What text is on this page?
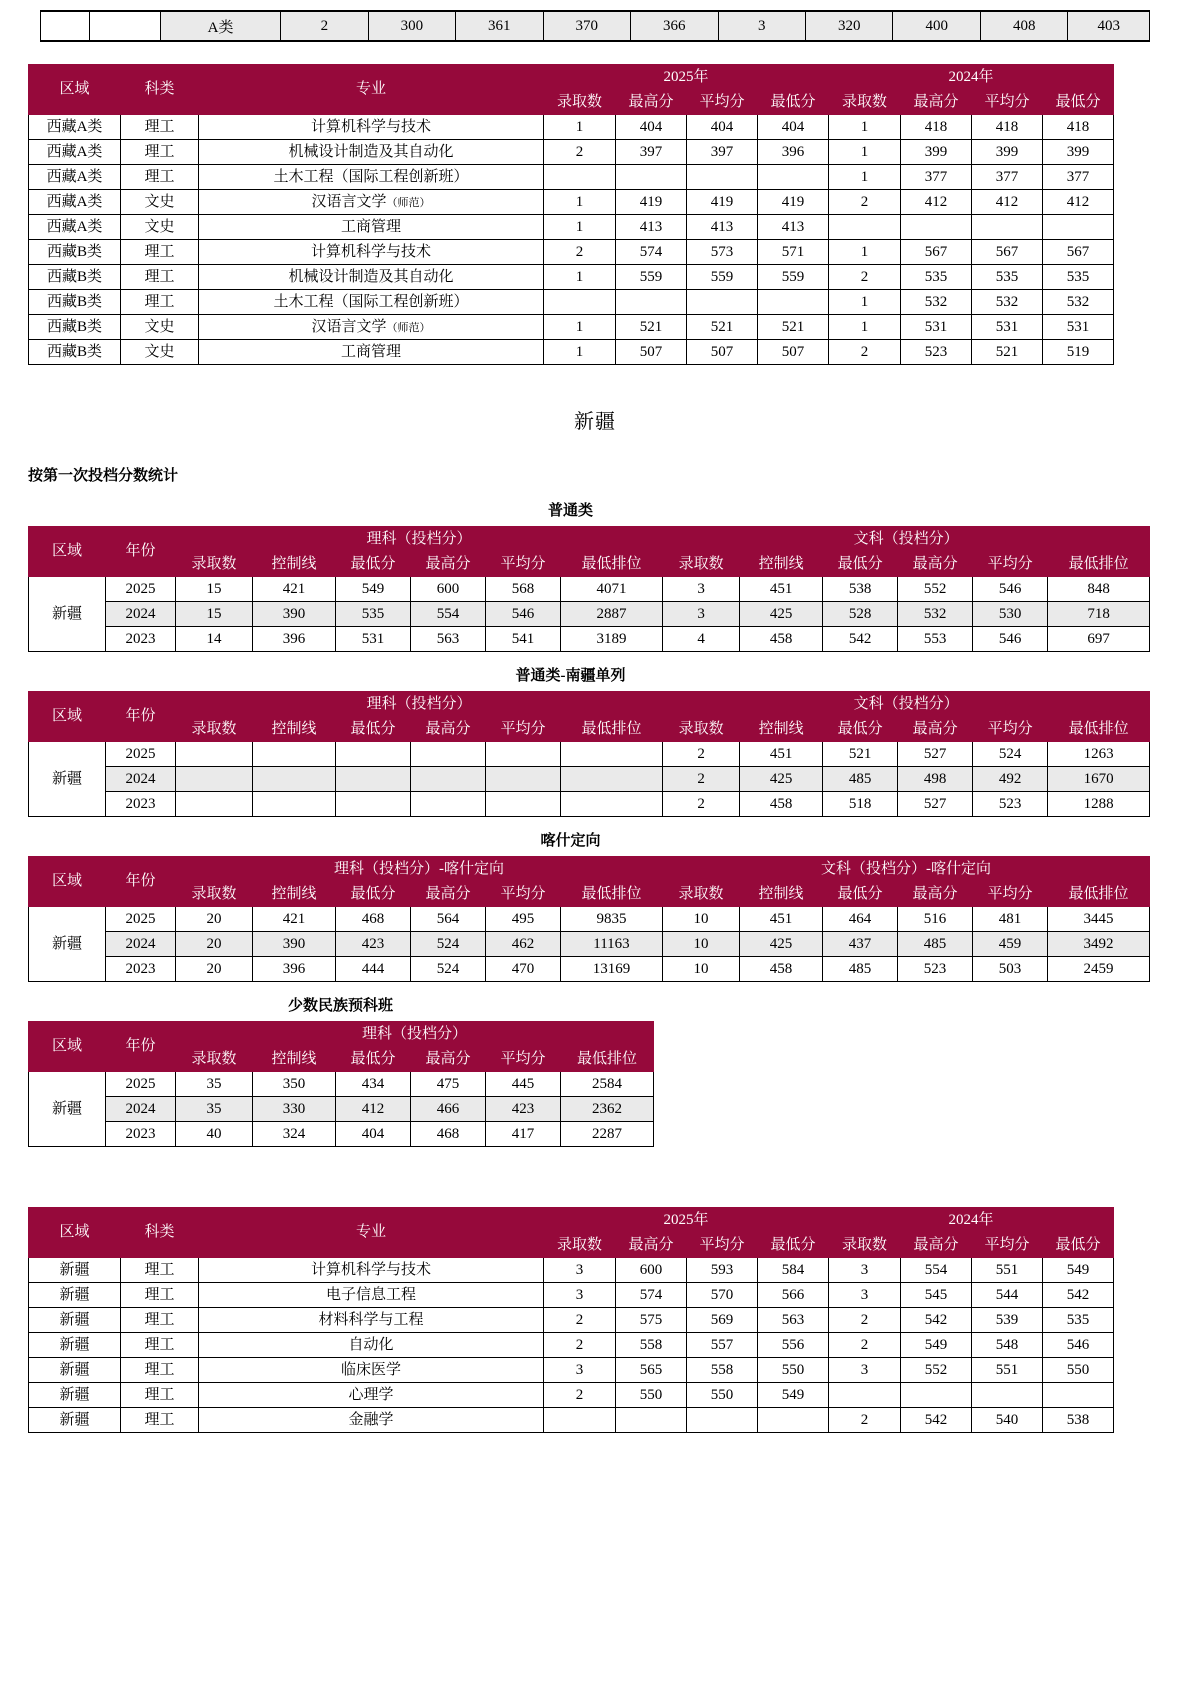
		A类	2	300	361	370	366	3	320	400	408	403
区域	科类	专业	2025年				2024年			
			录取数	最高分	平均分	最低分	录取数	最高分	平均分	最低分
西藏A类	理工	计算机科学与技术	1	404	404	404	1	418	418	418
西藏A类	理工	机械设计制造及其自动化	2	397	397	396	1	399	399	399
西藏A类	理工	土木工程（国际工程创新班）					1	377	377	377
西藏A类	文史	汉语言文学（师范）	1	419	419	419	2	412	412	412
西藏A类	文史	工商管理	1	413	413	413				
西藏B类	理工	计算机科学与技术	2	574	573	571	1	567	567	567
西藏B类	理工	机械设计制造及其自动化	1	559	559	559	2	535	535	535
西藏B类	理工	土木工程（国际工程创新班）					1	532	532	532
西藏B类	文史	汉语言文学（师范）	1	521	521	521	1	531	531	531
西藏B类	文史	工商管理	1	507	507	507	2	523	521	519
新疆
按第一次投档分数统计
普通类
区域	年份	理科（投档分）						文科（投档分）					
		录取数	控制线	最低分	最高分	平均分	最低排位	录取数	控制线	最低分	最高分	平均分	最低排位
新疆	2025	15	421	549	600	568	4071	3	451	538	552	546	848
	2024	15	390	535	554	546	2887	3	425	528	532	530	718
	2023	14	396	531	563	541	3189	4	458	542	553	546	697
普通类-南疆单列
区域	年份	理科（投档分）						文科（投档分）					
		录取数	控制线	最低分	最高分	平均分	最低排位	录取数	控制线	最低分	最高分	平均分	最低排位
新疆	2025							2	451	521	527	524	1263
	2024							2	425	485	498	492	1670
	2023							2	458	518	527	523	1288
喀什定向
区域	年份	理科（投档分）-喀什定向						文科（投档分）-喀什定向					
		录取数	控制线	最低分	最高分	平均分	最低排位	录取数	控制线	最低分	最高分	平均分	最低排位
新疆	2025	20	421	468	564	495	9835	10	451	464	516	481	3445
	2024	20	390	423	524	462	11163	10	425	437	485	459	3492
	2023	20	396	444	524	470	13169	10	458	485	523	503	2459
少数民族预科班
区域	年份	理科（投档分）					
		录取数	控制线	最低分	最高分	平均分	最低排位
新疆	2025	35	350	434	475	445	2584
	2024	35	330	412	466	423	2362
	2023	40	324	404	468	417	2287
区域	科类	专业	2025年				2024年			
			录取数	最高分	平均分	最低分	录取数	最高分	平均分	最低分
新疆	理工	计算机科学与技术	3	600	593	584	3	554	551	549
新疆	理工	电子信息工程	3	574	570	566	3	545	544	542
新疆	理工	材料科学与工程	2	575	569	563	2	542	539	535
新疆	理工	自动化	2	558	557	556	2	549	548	546
新疆	理工	临床医学	3	565	558	550	3	552	551	550
新疆	理工	心理学	2	550	550	549				
新疆	理工	金融学					2	542	540	538
